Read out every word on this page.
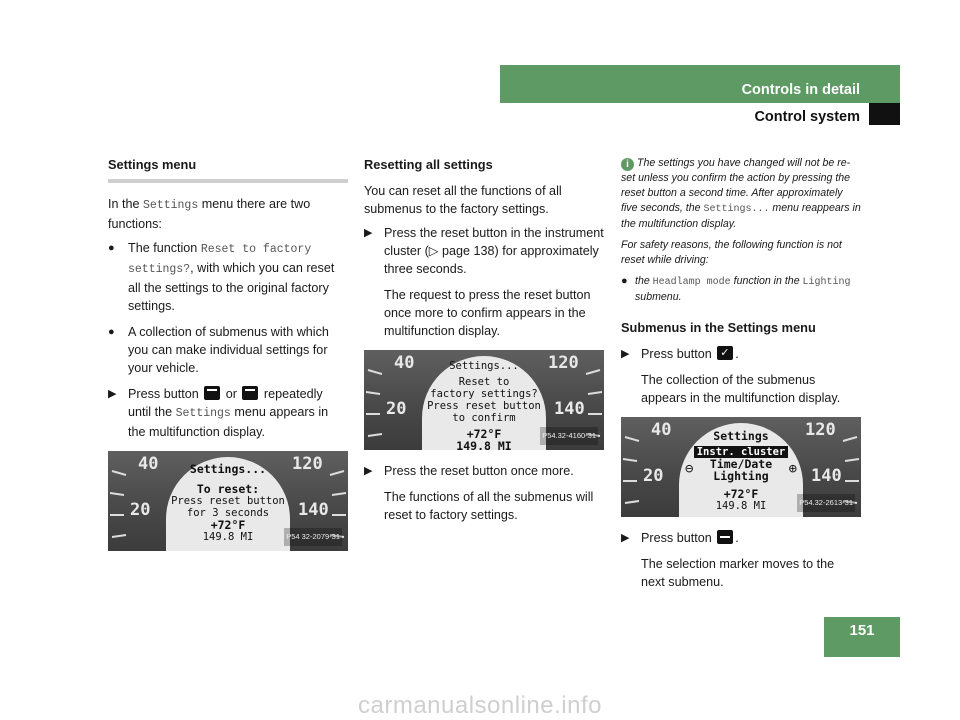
Controls in detail
Control system
Settings menu

In the Settings menu there are two functions:

● The function Reset to factory settings?, with which you can reset all the settings to the original factory settings.
● A collection of submenus with which you can make individual settings for your vehicle.
▶ Press button  or  repeatedly until the Settings menu appears in the multifunction display.
40
20
120
140
Settings...
To reset:
Press reset button
for 3 seconds
+72°F
149.8 MI	P54 32-2079-31
Resetting all settings

You can reset all the functions of all submenus to the factory settings.

▶ Press the reset button in the instrument cluster (▷ page 138) for approximately three seconds.
The request to press the reset button once more to confirm appears in the multifunction display.
40
20
120
140
Settings...
Reset to
factory settings?
Press reset button
to confirm
+72°F
149.8 MI
P54.32-4160-31
▶ Press the reset button once more.
The functions of all the submenus will reset to factory settings.

i The settings you have changed will not be re-set unless you confirm the action by pressing the reset button a second time. After approximately five seconds, the Settings... menu reappears in the multifunction display.

For safety reasons, the following function is not reset while driving:

● the Headlamp mode function in the Lighting submenu.
Submenus in the Settings menu
▶ Press button ✓.
The collection of the submenus appears in the multifunction display.
40
20
120
140
Settings
Instr. cluster
Time/Date
Lighting
+72°F
149.8 MI
⊖	⊕
P54.32-2613-31
▶ Press button .
The selection marker moves to the next submenu.
151
carmanualsonline.info
